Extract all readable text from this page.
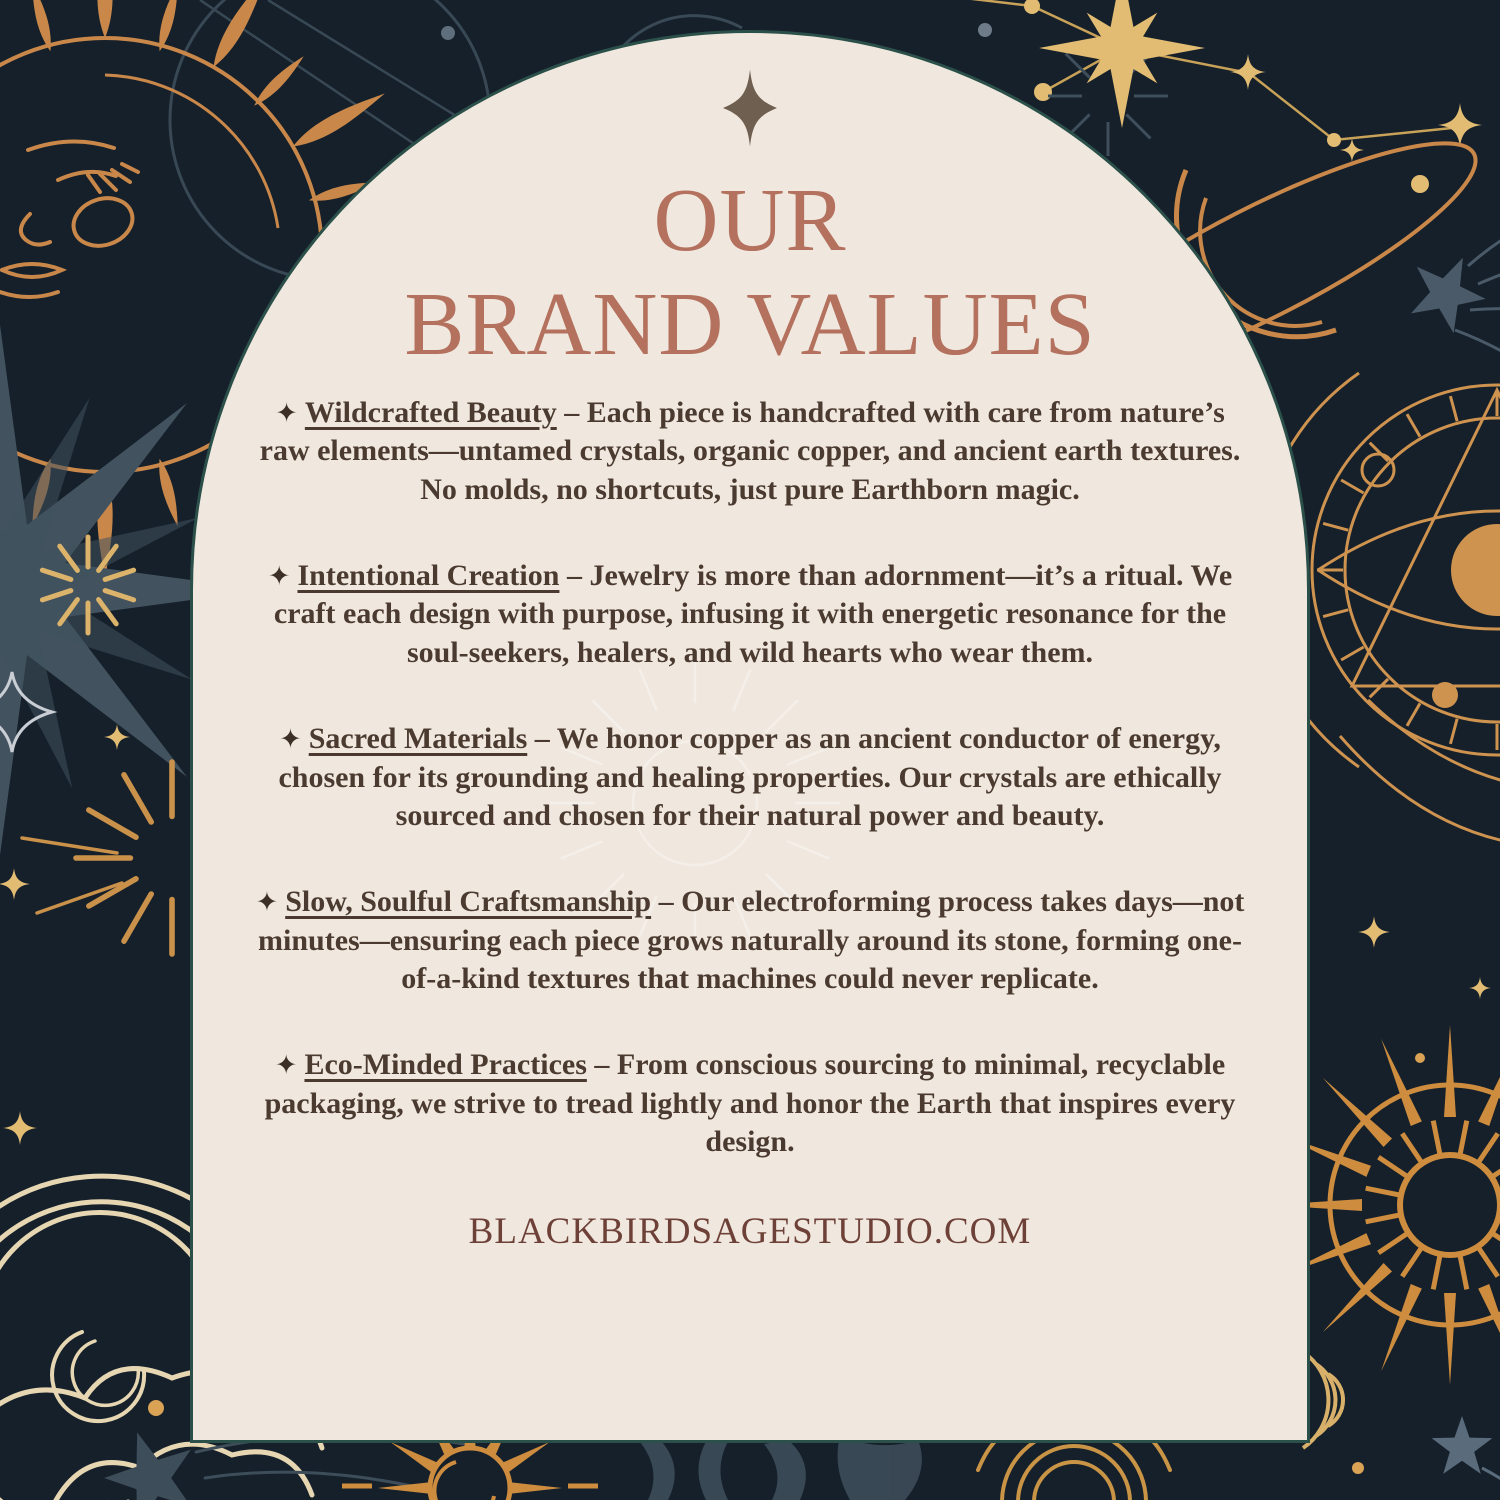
OUR
BRAND VALUES

✦ Wildcrafted Beauty – Each piece is handcrafted with care from nature’s raw elements—untamed crystals, organic copper, and ancient earth textures. No molds, no shortcuts, just pure Earthborn magic.

✦ Intentional Creation – Jewelry is more than adornment—it’s a ritual. We craft each design with purpose, infusing it with energetic resonance for the soul-seekers, healers, and wild hearts who wear them.

✦ Sacred Materials – We honor copper as an ancient conductor of energy, chosen for its grounding and healing properties. Our crystals are ethically sourced and chosen for their natural power and beauty.

✦ Slow, Soulful Craftsmanship – Our electroforming process takes days—not minutes—ensuring each piece grows naturally around its stone, forming one-of-a-kind textures that machines could never replicate.

✦ Eco-Minded Practices – From conscious sourcing to minimal, recyclable packaging, we strive to tread lightly and honor the Earth that inspires every design.

BLACKBIRDSAGESTUDIO.COM
